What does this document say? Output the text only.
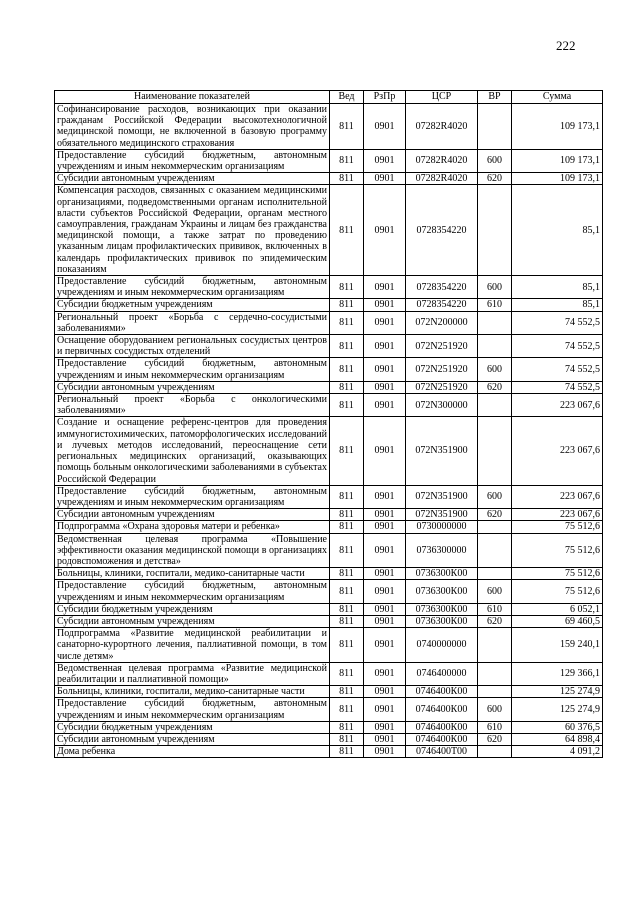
222
Наименование показателей	Вед	РзПр	ЦСР	ВР	Сумма
Софинансирование расходов, возникающих при оказании гражданам Российской Федерации высокотехнологичной медицинской помощи, не включенной в базовую программу обязательного медицинского страхования	811	0901	07282R4020		109 173,1
Предоставление субсидий бюджетным, автономным учреждениям и иным некоммерческим организациям	811	0901	07282R4020	600	109 173,1
Субсидии автономным учреждениям	811	0901	07282R4020	620	109 173,1
Компенсация расходов, связанных с оказанием медицинскими организациями, подведомственными органам исполнительной власти субъектов Российской Федерации, органам местного самоуправления, гражданам Украины и лицам без гражданства медицинской помощи, а также затрат по проведению указанным лицам профилактических прививок, включенных в календарь профилактических прививок по эпидемическим показаниям	811	0901	0728354220		85,1
Предоставление субсидий бюджетным, автономным учреждениям и иным некоммерческим организациям	811	0901	0728354220	600	85,1
Субсидии бюджетным учреждениям	811	0901	0728354220	610	85,1
Региональный проект «Борьба с сердечно-сосудистыми заболеваниями»	811	0901	072N200000		74 552,5
Оснащение оборудованием региональных сосудистых центров и первичных сосудистых отделений	811	0901	072N251920		74 552,5
Предоставление субсидий бюджетным, автономным учреждениям и иным некоммерческим организациям	811	0901	072N251920	600	74 552,5
Субсидии автономным учреждениям	811	0901	072N251920	620	74 552,5
Региональный проект «Борьба с онкологическими заболеваниями»	811	0901	072N300000		223 067,6
Создание и оснащение референс-центров для проведения иммуногистохимических, патоморфологических исследований и лучевых методов исследований, переоснащение сети региональных медицинских организаций, оказывающих помощь больным онкологическими заболеваниями в субъектах Российской Федерации	811	0901	072N351900		223 067,6
Предоставление субсидий бюджетным, автономным учреждениям и иным некоммерческим организациям	811	0901	072N351900	600	223 067,6
Субсидии автономным учреждениям	811	0901	072N351900	620	223 067,6
Подпрограмма «Охрана здоровья матери и ребенка»	811	0901	0730000000		75 512,6
Ведомственная целевая программа «Повышение эффективности оказания медицинской помощи в организациях родовспоможения и детства»	811	0901	0736300000		75 512,6
Больницы, клиники, госпитали, медико-санитарные части	811	0901	0736300К00		75 512,6
Предоставление субсидий бюджетным, автономным учреждениям и иным некоммерческим организациям	811	0901	0736300К00	600	75 512,6
Субсидии бюджетным учреждениям	811	0901	0736300К00	610	6 052,1
Субсидии автономным учреждениям	811	0901	0736300К00	620	69 460,5
Подпрограмма «Развитие медицинской реабилитации и санаторно-курортного лечения, паллиативной помощи, в том числе детям»	811	0901	0740000000		159 240,1
Ведомственная целевая программа «Развитие медицинской реабилитации и паллиативной помощи»	811	0901	0746400000		129 366,1
Больницы, клиники, госпитали, медико-санитарные части	811	0901	0746400К00		125 274,9
Предоставление субсидий бюджетным, автономным учреждениям и иным некоммерческим организациям	811	0901	0746400К00	600	125 274,9
Субсидии бюджетным учреждениям	811	0901	0746400К00	610	60 376,5
Субсидии автономным учреждениям	811	0901	0746400К00	620	64 898,4
Дома ребенка	811	0901	0746400Т00		4 091,2
